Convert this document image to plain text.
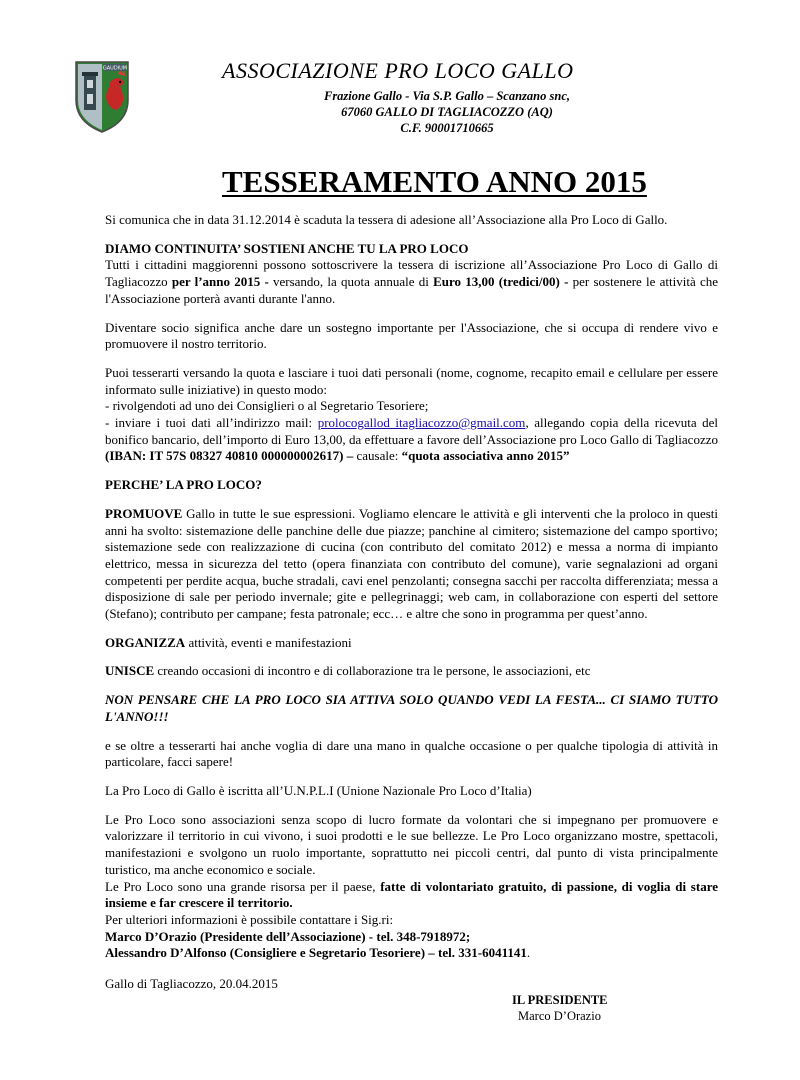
GAUDIUM	ASSOCIAZIONE PRO LOCO GALLO
Frazione Gallo - Via S.P. Gallo – Scanzano snc,
67060 GALLO DI TAGLIACOZZO (AQ)
C.F. 90001710665
TESSERAMENTO ANNO 2015

Si comunica che in data 31.12.2014 è scaduta la tessera di adesione all’Associazione alla Pro Loco di Gallo.

DIAMO CONTINUITA’ SOSTIENI ANCHE TU LA PRO LOCO
Tutti i cittadini maggiorenni possono sottoscrivere la tessera di iscrizione all’Associazione Pro Loco di Gallo di Tagliacozzo per l’anno 2015 - versando, la quota annuale di Euro 13,00 (tredici/00) - per sostenere le attività che l'Associazione porterà avanti durante l'anno.

Diventare socio significa anche dare un sostegno importante per l'Associazione, che si occupa di rendere vivo e promuovere il nostro territorio.

Puoi tesserarti versando la quota e lasciare i tuoi dati personali (nome, cognome, recapito email e cellulare per essere informato sulle iniziative) in questo modo:
- rivolgendoti ad uno dei Consiglieri o al Segretario Tesoriere;
- inviare i tuoi dati all’indirizzo mail: prolocogallod itagliacozzo@gmail.com, allegando copia della ricevuta del bonifico bancario, dell’importo di Euro 13,00, da effettuare a favore dell’Associazione pro Loco Gallo di Tagliacozzo (IBAN: IT 57S 08327 40810 000000002617) – causale: “quota associativa anno 2015”

PERCHE’ LA PRO LOCO?

PROMUOVE Gallo in tutte le sue espressioni. Vogliamo elencare le attività e gli interventi che la proloco in questi anni ha svolto: sistemazione delle panchine delle due piazze; panchine al cimitero; sistemazione del campo sportivo; sistemazione sede con realizzazione di cucina (con contributo del comitato 2012) e messa a norma di impianto elettrico, messa in sicurezza del tetto (opera finanziata con contributo del comune), varie segnalazioni ad organi competenti per perdite acqua, buche stradali, cavi enel penzolanti; consegna sacchi per raccolta differenziata; messa a disposizione di sale per periodo invernale; gite e pellegrinaggi; web cam, in collaborazione con esperti del settore (Stefano); contributo per campane; festa patronale; ecc… e altre che sono in programma per quest’anno.

ORGANIZZA attività, eventi e manifestazioni

UNISCE creando occasioni di incontro e di collaborazione tra le persone, le associazioni, etc

NON PENSARE CHE LA PRO LOCO SIA ATTIVA SOLO QUANDO VEDI LA FESTA... CI SIAMO TUTTO L'ANNO!!!

e se oltre a tesserarti hai anche voglia di dare una mano in qualche occasione o per qualche tipologia di attività in particolare, facci sapere!

La Pro Loco di Gallo è iscritta all’U.N.P.L.I (Unione Nazionale Pro Loco d’Italia)

Le Pro Loco sono associazioni senza scopo di lucro formate da volontari che si impegnano per promuovere e valorizzare il territorio in cui vivono, i suoi prodotti e le sue bellezze. Le Pro Loco organizzano mostre, spettacoli, manifestazioni e svolgono un ruolo importante, soprattutto nei piccoli centri, dal punto di vista principalmente turistico, ma anche economico e sociale.

Le Pro Loco sono una grande risorsa per il paese, fatte di volontariato gratuito, di passione, di voglia di stare insieme e far crescere il territorio.

Per ulteriori informazioni è possibile contattare i Sig.ri:

Marco D’Orazio (Presidente dell’Associazione) - tel. 348-7918972;

Alessandro D’Alfonso (Consigliere e Segretario Tesoriere) – tel. 331-6041141.

Gallo di Tagliacozzo, 20.04.2015
IL PRESIDENTE
Marco D’Orazio
